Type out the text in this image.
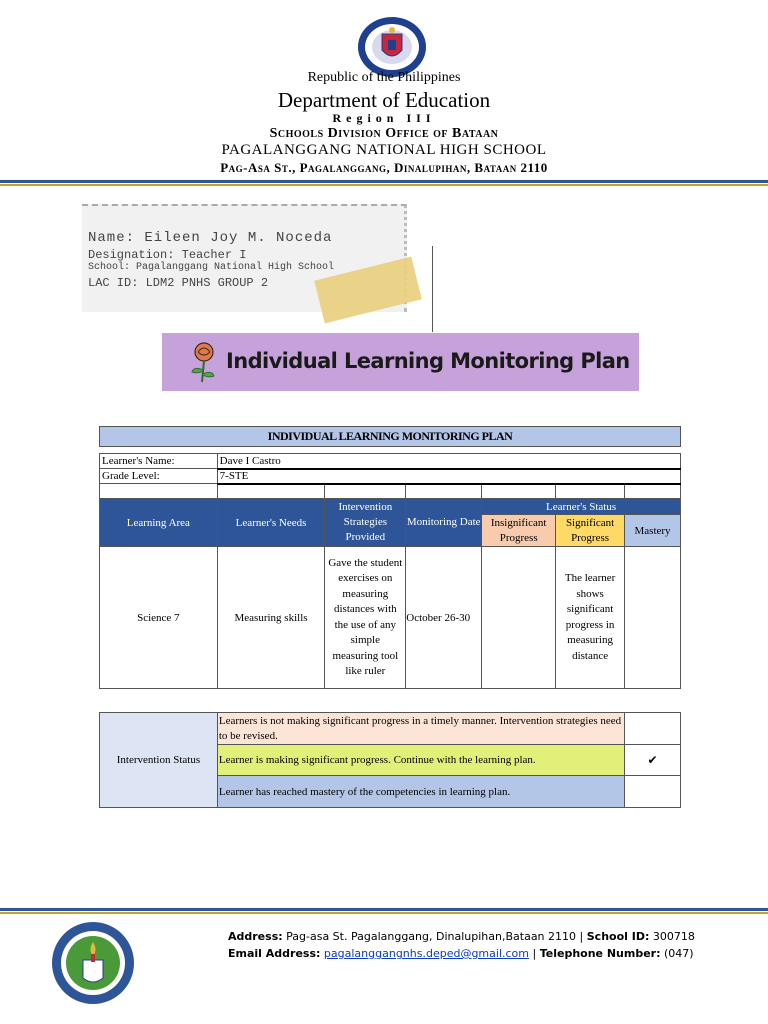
Republic of the Philippines
Department of Education
Region III
Schools Division Office of Bataan
PAGALANGGANG NATIONAL HIGH SCHOOL
Pag-Asa St., Pagalanggang, Dinalupihan, Bataan 2110
Name: Eileen Joy M. Noceda
Designation: Teacher I
School: Pagalanggang National High School
LAC ID: LDM2 PNHS GROUP 2
Individual Learning Monitoring Plan
INDIVIDUAL LEARNING MONITORING PLAN						

Learner's Name:	Dave I Castro					
Grade Level:	7-STE					

Learning Area	Learner's Needs	Intervention Strategies Provided	Monitoring Date	Learner's Status		
				Insignificant Progress	Significant Progress	Mastery
Science 7	Measuring skills	Gave the student exercises on measuring distances with the use of any simple measuring tool like ruler	October 26-30		The learner shows significant progress in measuring distance	
Intervention Status	Learners is not making significant progress in a timely manner. Intervention strategies need to be revised.	
	Learner is making significant progress. Continue with the learning plan.	✔
	Learner has reached mastery of the competencies in learning plan.	
Address: Pag-asa St. Pagalanggang, Dinalupihan,Bataan 2110 | School ID: 300718
Email Address: pagalanggangnhs.deped@gmail.com | Telephone Number: (047)
